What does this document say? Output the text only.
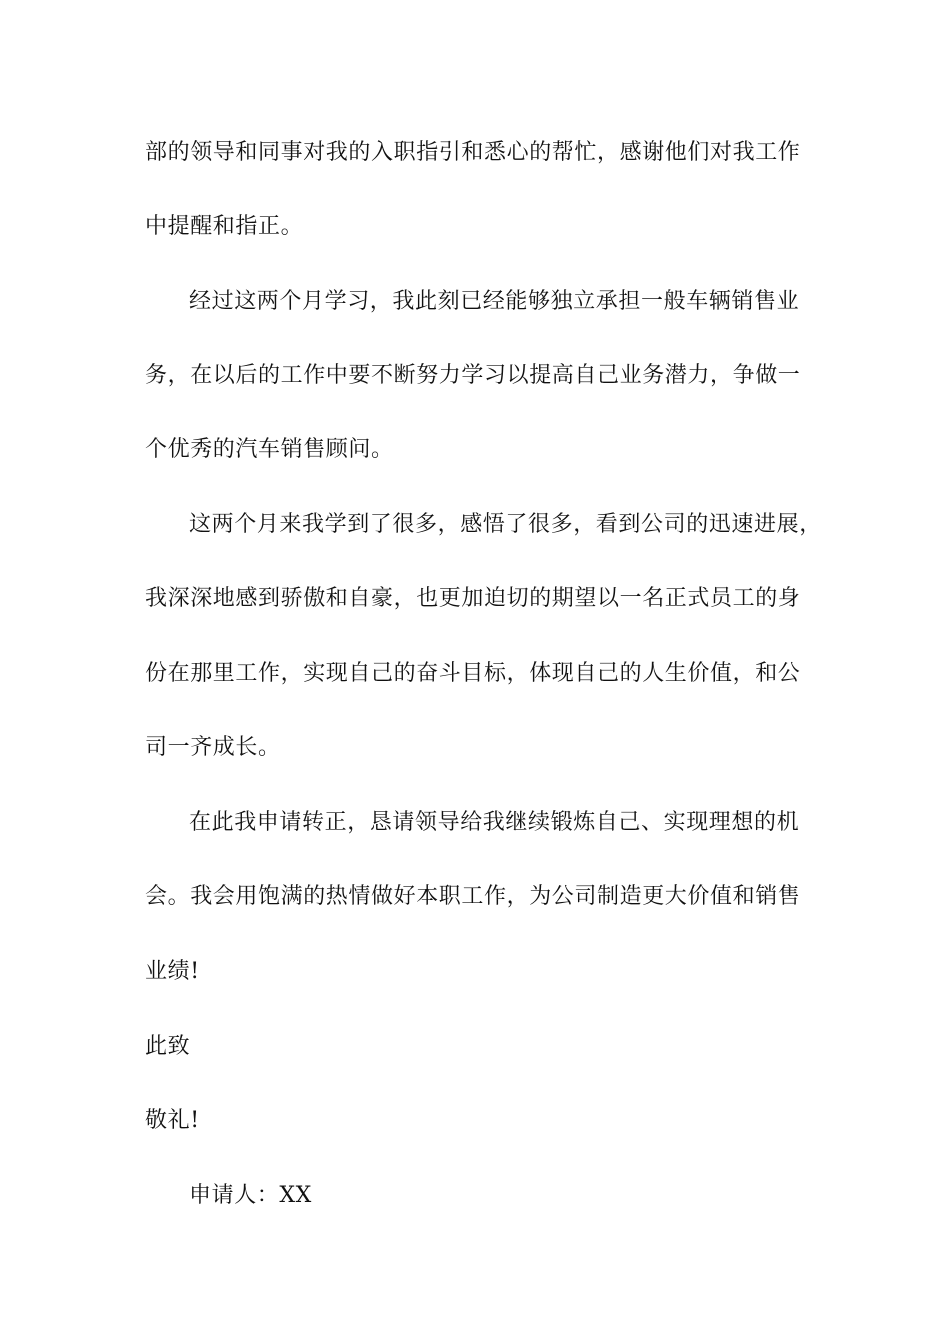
部的领导和同事对我的入职指引和悉心的帮忙，感谢他们对我工作
中提醒和指正。
经过这两个月学习，我此刻已经能够独立承担一般车辆销售业
务，在以后的工作中要不断努力学习以提高自己业务潜力，争做一
个优秀的汽车销售顾问。
这两个月来我学到了很多，感悟了很多，看到公司的迅速进展，
我深深地感到骄傲和自豪，也更加迫切的期望以一名正式员工的身
份在那里工作，实现自己的奋斗目标，体现自己的人生价值，和公
司一齐成长。
在此我申请转正，恳请领导给我继续锻炼自己、实现理想的机
会。我会用饱满的热情做好本职工作，为公司制造更大价值和销售
业绩!
此致
敬礼!
申请人：XX
